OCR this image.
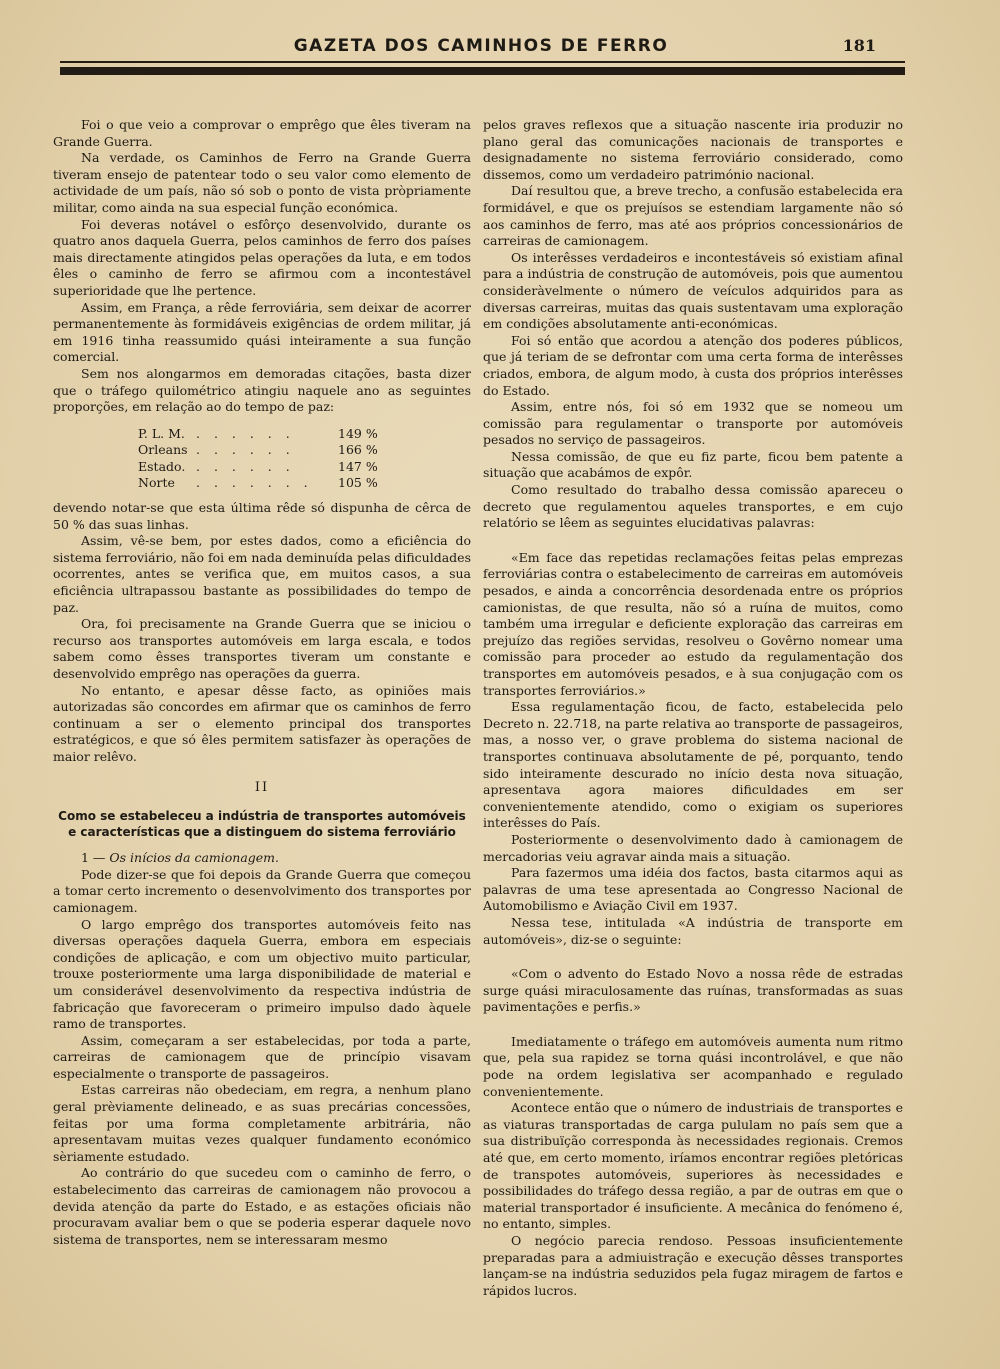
GAZETA DOS CAMINHOS DE FERRO	181

Foi o que veio a comprovar o emprêgo que êles tiveram na Grande Guerra.

Na verdade, os Caminhos de Ferro na Grande Guerra tiveram ensejo de patentear todo o seu valor como elemento de actividade de um país, não só sob o ponto de vista pròpriamente militar, como ainda na sua especial função económica.

Foi deveras notável o esfôrço desenvolvido, durante os quatro anos daquela Guerra, pelos caminhos de ferro dos países mais directamente atingidos pelas operações da luta, e em todos êles o caminho de ferro se afirmou com a incontestável superioridade que lhe pertence.

Assim, em França, a rêde ferroviária, sem deixar de acorrer permanentemente às formidáveis exigências de ordem militar, já em 1916 tinha reassumido quási inteiramente a sua função comercial.

Sem nos alongarmos em demoradas citações, basta dizer que o tráfego quilométrico atingiu naquele ano as seguintes proporções, em relação ao do tempo de paz:

P. L. M.	. . . . . .	149 %
Orleans	. . . . . .	166 %
Estado.	. . . . . .	147 %
Norte	. . . . . . .	105 %

devendo notar-se que esta última rêde só dispunha de cêrca de 50 % das suas linhas.

Assim, vê-se bem, por estes dados, como a eficiência do sistema ferroviário, não foi em nada deminuída pelas dificuldades ocorrentes, antes se verifica que, em muitos casos, a sua eficiência ultrapassou bastante as possibilidades do tempo de paz.

Ora, foi precisamente na Grande Guerra que se iniciou o recurso aos transportes automóveis em larga escala, e todos sabem como êsses transportes tiveram um constante e desenvolvido emprêgo nas operações da guerra.

No entanto, e apesar dêsse facto, as opiniões mais autorizadas são concordes em afirmar que os caminhos de ferro continuam a ser o elemento principal dos transportes estratégicos, e que só êles permitem satisfazer às operações de maior relêvo.

II
Como se estabeleceu a indústria de transportes automóveis e características que a distinguem do sistema ferroviário

1 — Os inícios da camionagem.

Pode dizer-se que foi depois da Grande Guerra que começou a tomar certo incremento o desenvolvimento dos transportes por camionagem.

O largo emprêgo dos transportes automóveis feito nas diversas operações daquela Guerra, embora em especiais condições de aplicação, e com um objectivo muito particular, trouxe posteriormente uma larga disponibilidade de material e um considerável desenvolvimento da respectiva indústria de fabricação que favoreceram o primeiro impulso dado àquele ramo de transportes.

Assim, começaram a ser estabelecidas, por toda a parte, carreiras de camionagem que de princípio visavam especialmente o transporte de passageiros.

Estas carreiras não obedeciam, em regra, a nenhum plano geral prèviamente delineado, e as suas precárias concessões, feitas por uma forma completamente arbitrária, não apresentavam muitas vezes qualquer fundamento económico sèriamente estudado.

Ao contrário do que sucedeu com o caminho de ferro, o estabelecimento das carreiras de camionagem não provocou a devida atenção da parte do Estado, e as estações oficiais não procuravam avaliar bem o que se poderia esperar daquele novo sistema de transportes, nem se interessaram mesmo

pelos graves reflexos que a situação nascente iria produzir no plano geral das comunicações nacionais de transportes e designadamente no sistema ferroviário considerado, como dissemos, como um verdadeiro património nacional.

Daí resultou que, a breve trecho, a confusão estabelecida era formidável, e que os prejuísos se estendiam largamente não só aos caminhos de ferro, mas até aos próprios concessionários de carreiras de camionagem.

Os interêsses verdadeiros e incontestáveis só existiam afinal para a indústria de construção de automóveis, pois que aumentou consideràvelmente o número de veículos adquiridos para as diversas carreiras, muitas das quais sustentavam uma exploração em condições absolutamente anti-económicas.

Foi só então que acordou a atenção dos poderes públicos, que já teriam de se defrontar com uma certa forma de interêsses criados, embora, de algum modo, à custa dos próprios interêsses do Estado.

Assim, entre nós, foi só em 1932 que se nomeou um comissão para regulamentar o transporte por automóveis pesados no serviço de passageiros.

Nessa comissão, de que eu fiz parte, ficou bem patente a situação que acabámos de expôr.

Como resultado do trabalho dessa comissão apareceu o decreto que regulamentou aqueles transportes, e em cujo relatório se lêem as seguintes elucidativas palavras:

«Em face das repetidas reclamações feitas pelas emprezas ferroviárias contra o estabelecimento de carreiras em automóveis pesados, e ainda a concorrência desordenada entre os próprios camionistas, de que resulta, não só a ruína de muitos, como também uma irregular e deficiente exploração das carreiras em prejuízo das regiões servidas, resolveu o Govêrno nomear uma comissão para proceder ao estudo da regulamentação dos transportes em automóveis pesados, e à sua conjugação com os transportes ferroviários.»

Essa regulamentação ficou, de facto, estabelecida pelo Decreto n. 22.718, na parte relativa ao transporte de passageiros, mas, a nosso ver, o grave problema do sistema nacional de transportes continuava absolutamente de pé, porquanto, tendo sido inteiramente descurado no início desta nova situação, apresentava agora maiores dificuldades em ser convenientemente atendido, como o exigiam os superiores interêsses do País.

Posteriormente o desenvolvimento dado à camionagem de mercadorias veiu agravar ainda mais a situação.

Para fazermos uma idéia dos factos, basta citarmos aqui as palavras de uma tese apresentada ao Congresso Nacional de Automobilismo e Aviação Civil em 1937.

Nessa tese, intitulada «A indústria de transporte em automóveis», diz-se o seguinte:

«Com o advento do Estado Novo a nossa rêde de estradas surge quási miraculosamente das ruínas, transformadas as suas pavimentações e perfis.»

Imediatamente o tráfego em automóveis aumenta num ritmo que, pela sua rapidez se torna quási incontrolável, e que não pode na ordem legislativa ser acompanhado e regulado convenientemente.

Acontece então que o número de industriais de transportes e as viaturas transportadas de carga pululam no país sem que a sua distribuïção corresponda às necessidades regionais. Cremos até que, em certo momento, iríamos encontrar regiões pletóricas de transpotes automóveis, superiores às necessidades e possibilidades do tráfego dessa região, a par de outras em que o material transportador é insuficiente. A mecânica do fenómeno é, no entanto, simples.

O negócio parecia rendoso. Pessoas insuficientemente preparadas para a admiuistração e execução dêsses transportes lançam-se na indústria seduzidos pela fugaz miragem de fartos e rápidos lucros.
